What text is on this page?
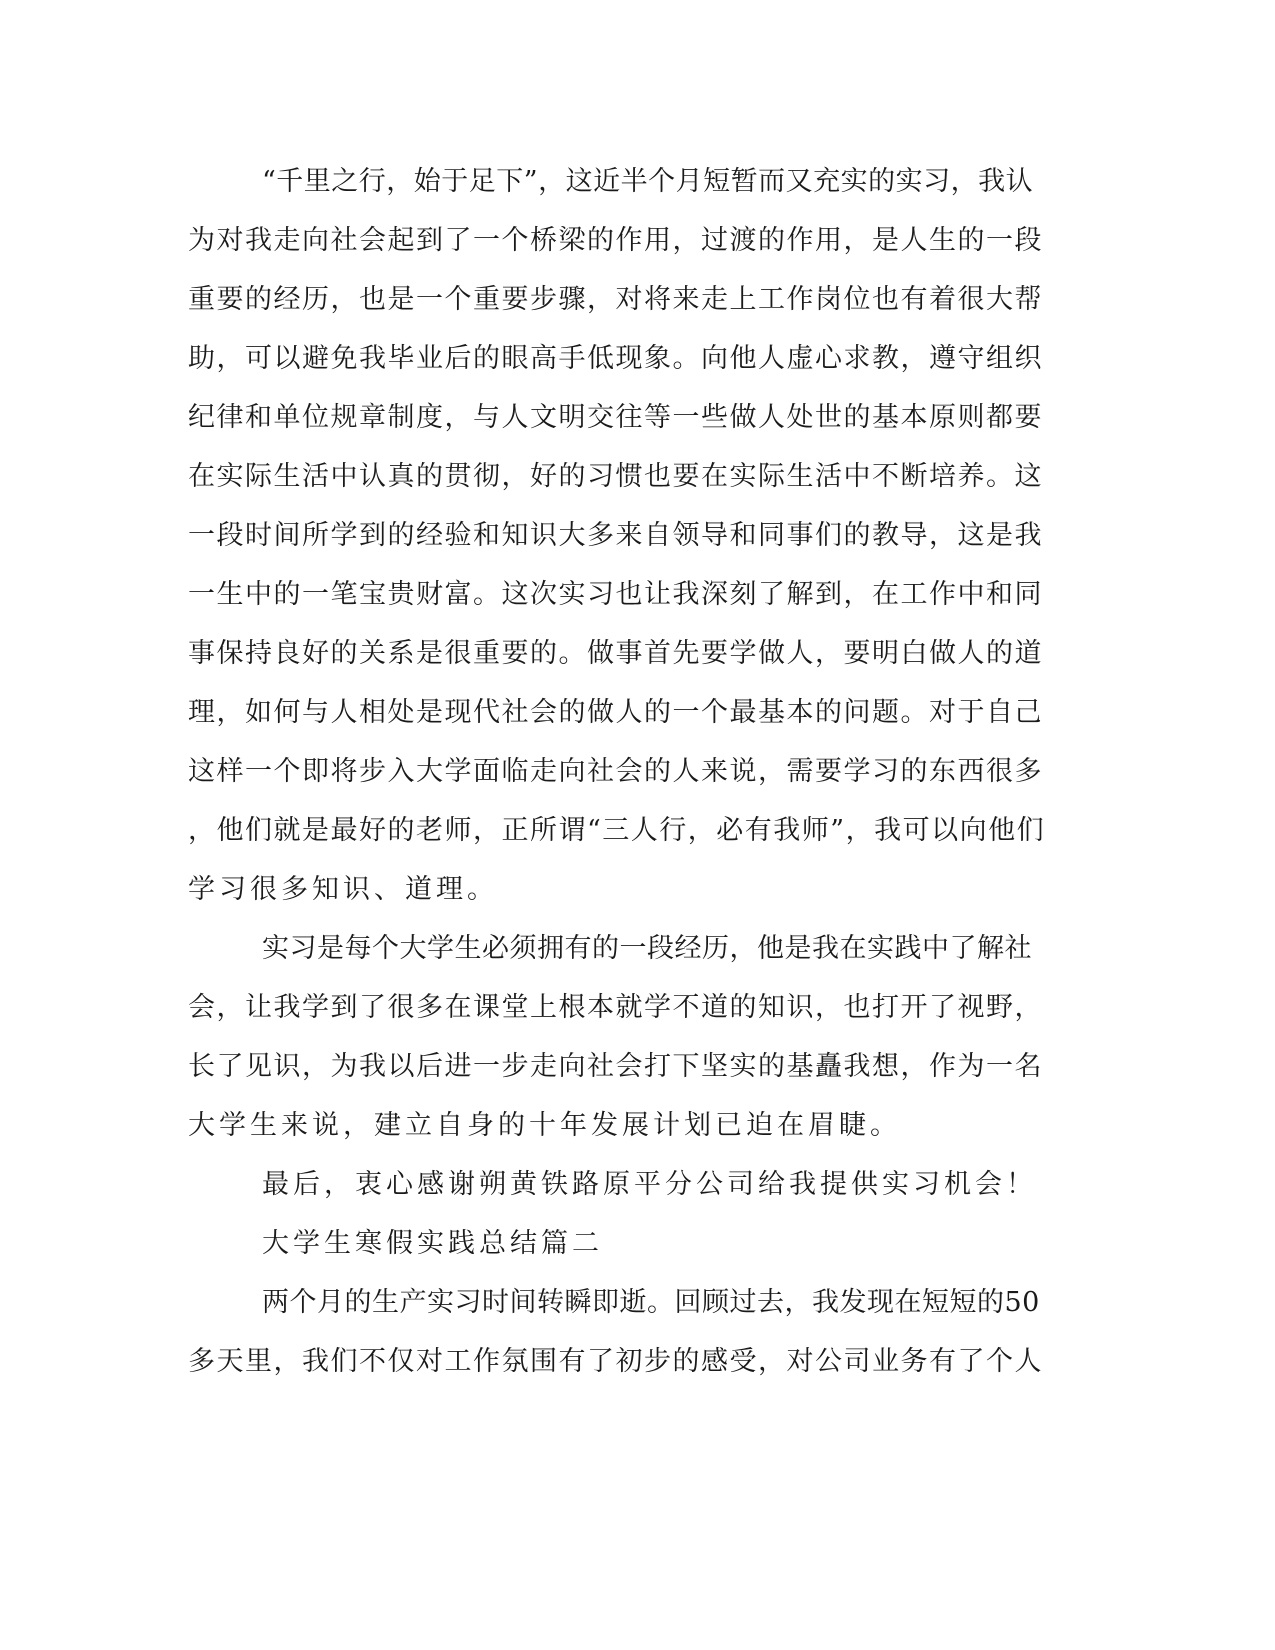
“千里之行，始于足下”，这近半个月短暂而又充实的实习，我认

为对我走向社会起到了一个桥梁的作用，过渡的作用，是人生的一段

重要的经历，也是一个重要步骤，对将来走上工作岗位也有着很大帮

助，可以避免我毕业后的眼高手低现象。向他人虚心求教，遵守组织

纪律和单位规章制度，与人文明交往等一些做人处世的基本原则都要

在实际生活中认真的贯彻，好的习惯也要在实际生活中不断培养。这

一段时间所学到的经验和知识大多来自领导和同事们的教导，这是我

一生中的一笔宝贵财富。这次实习也让我深刻了解到，在工作中和同

事保持良好的关系是很重要的。做事首先要学做人，要明白做人的道

理，如何与人相处是现代社会的做人的一个最基本的问题。对于自己

这样一个即将步入大学面临走向社会的人来说，需要学习的东西很多

，他们就是最好的老师，正所谓“三人行，必有我师”，我可以向他们

学习很多知识、道理。

实习是每个大学生必须拥有的一段经历，他是我在实践中了解社

会，让我学到了很多在课堂上根本就学不道的知识，也打开了视野，

长了见识，为我以后进一步走向社会打下坚实的基矗我想，作为一名

大学生来说，建立自身的十年发展计划已迫在眉睫。

最后，衷心感谢朔黄铁路原平分公司给我提供实习机会！

大学生寒假实践总结篇二

两个月的生产实习时间转瞬即逝。回顾过去，我发现在短短的50

多天里，我们不仅对工作氛围有了初步的感受，对公司业务有了个人
